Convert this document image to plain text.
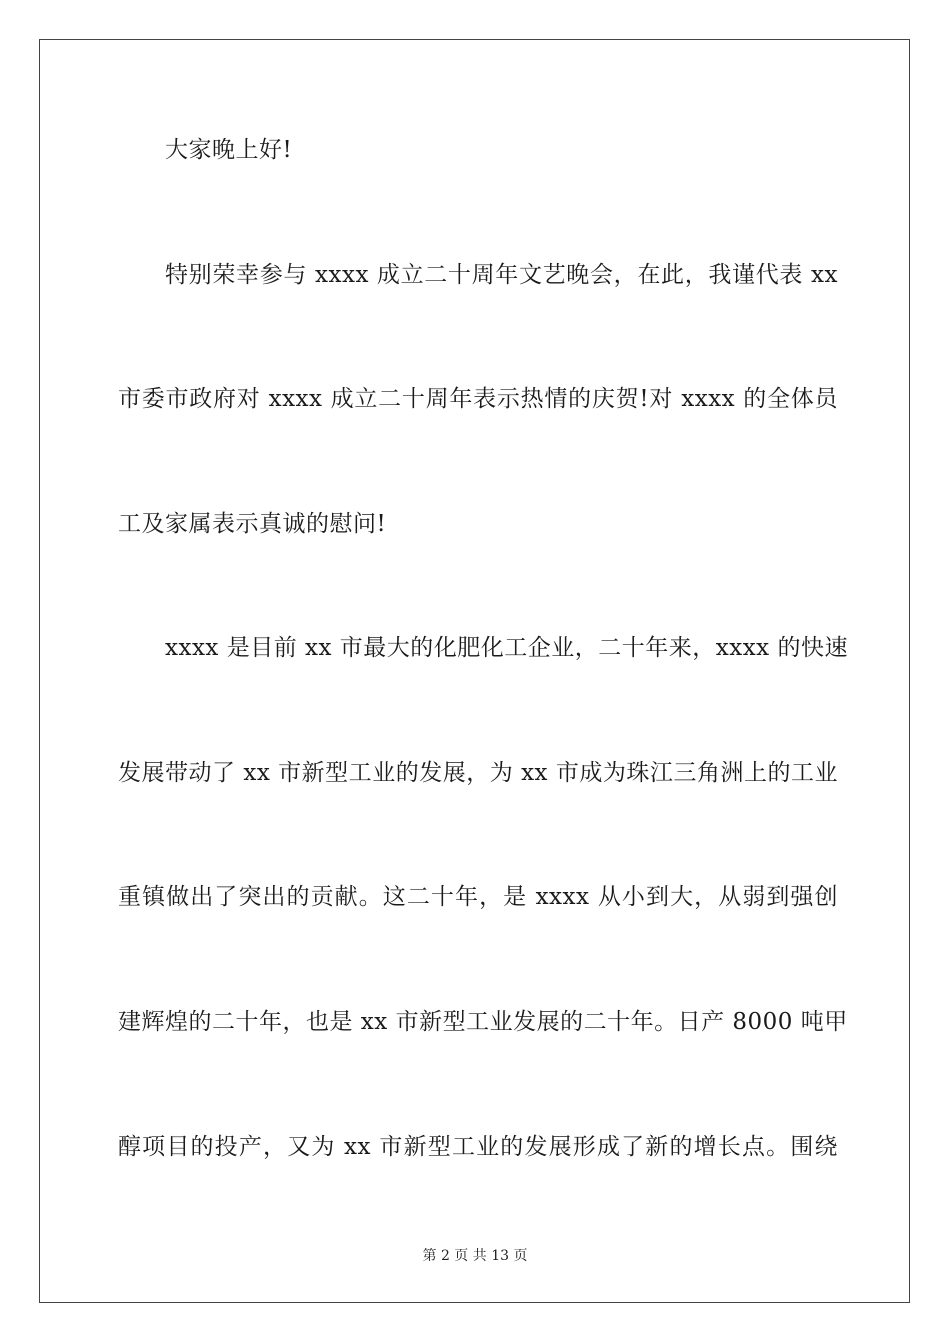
大家晚上好!
特别荣幸参与 xxxx 成立二十周年文艺晚会，在此，我谨代表 xx
市委市政府对 xxxx 成立二十周年表示热情的庆贺!对 xxxx 的全体员
工及家属表示真诚的慰问!
xxxx 是目前 xx 市最大的化肥化工企业，二十年来，xxxx 的快速
发展带动了 xx 市新型工业的发展，为 xx 市成为珠江三角洲上的工业
重镇做出了突出的贡献。这二十年，是 xxxx 从小到大，从弱到强创
建辉煌的二十年，也是 xx 市新型工业发展的二十年。日产 8000 吨甲
醇项目的投产，又为 xx 市新型工业的发展形成了新的增长点。围绕
第 2 页 共 13 页
